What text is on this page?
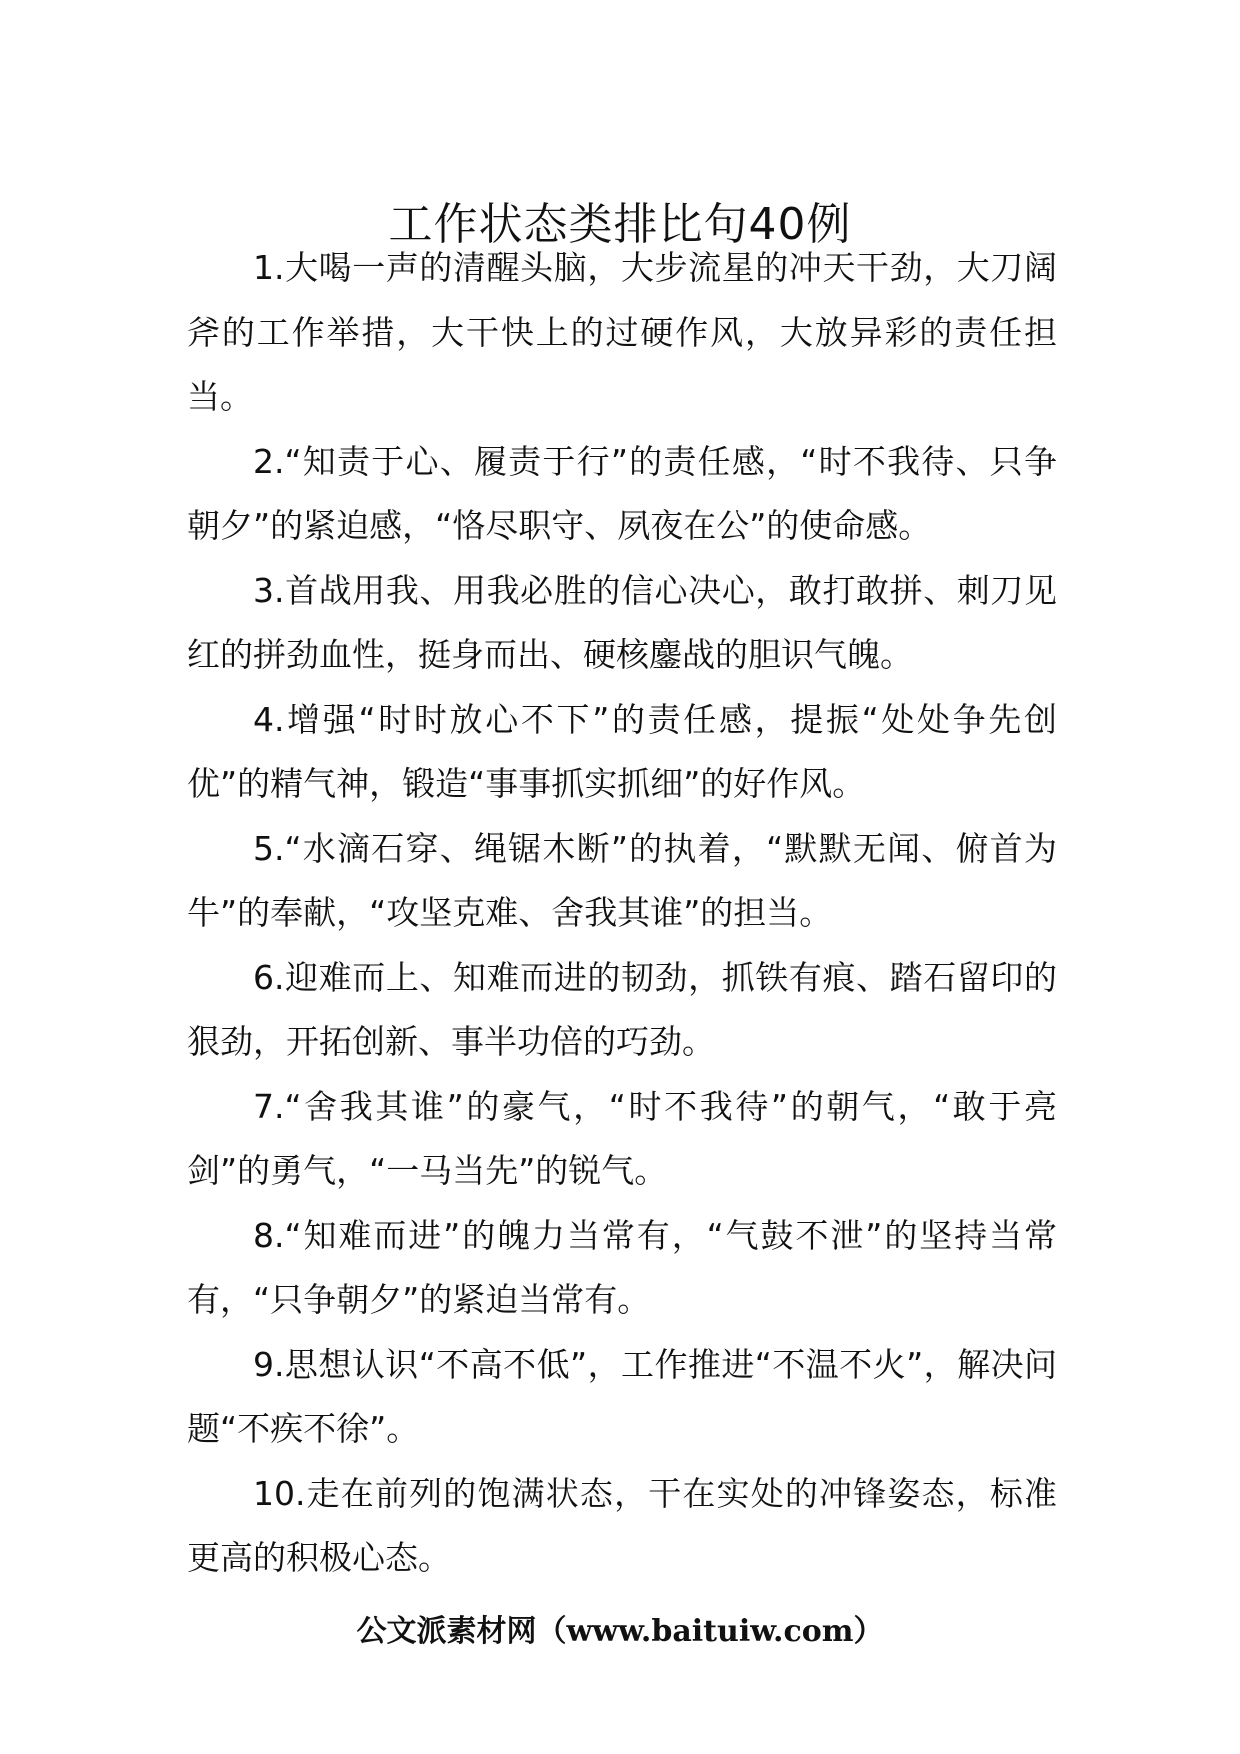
工作状态类排比句40例

1.大喝一声的清醒头脑，大步流星的冲天干劲，大刀阔斧的工作举措，大干快上的过硬作风，大放异彩的责任担当。

2.“知责于心、履责于行”的责任感，“时不我待、只争朝夕”的紧迫感，“恪尽职守、夙夜在公”的使命感。

3.首战用我、用我必胜的信心决心，敢打敢拼、刺刀见红的拼劲血性，挺身而出、硬核鏖战的胆识气魄。

4.增强“时时放心不下”的责任感，提振“处处争先创优”的精气神，锻造“事事抓实抓细”的好作风。

5.“水滴石穿、绳锯木断”的执着，“默默无闻、俯首为牛”的奉献，“攻坚克难、舍我其谁”的担当。

6.迎难而上、知难而进的韧劲，抓铁有痕、踏石留印的狠劲，开拓创新、事半功倍的巧劲。

7.“舍我其谁”的豪气，“时不我待”的朝气，“敢于亮剑”的勇气，“一马当先”的锐气。

8.“知难而进”的魄力当常有，“气鼓不泄”的坚持当常有，“只争朝夕”的紧迫当常有。

9.思想认识“不高不低”，工作推进“不温不火”，解决问题“不疾不徐”。

10.走在前列的饱满状态，干在实处的冲锋姿态，标准更高的积极心态。

公文派素材网（www.baituiw.com）
